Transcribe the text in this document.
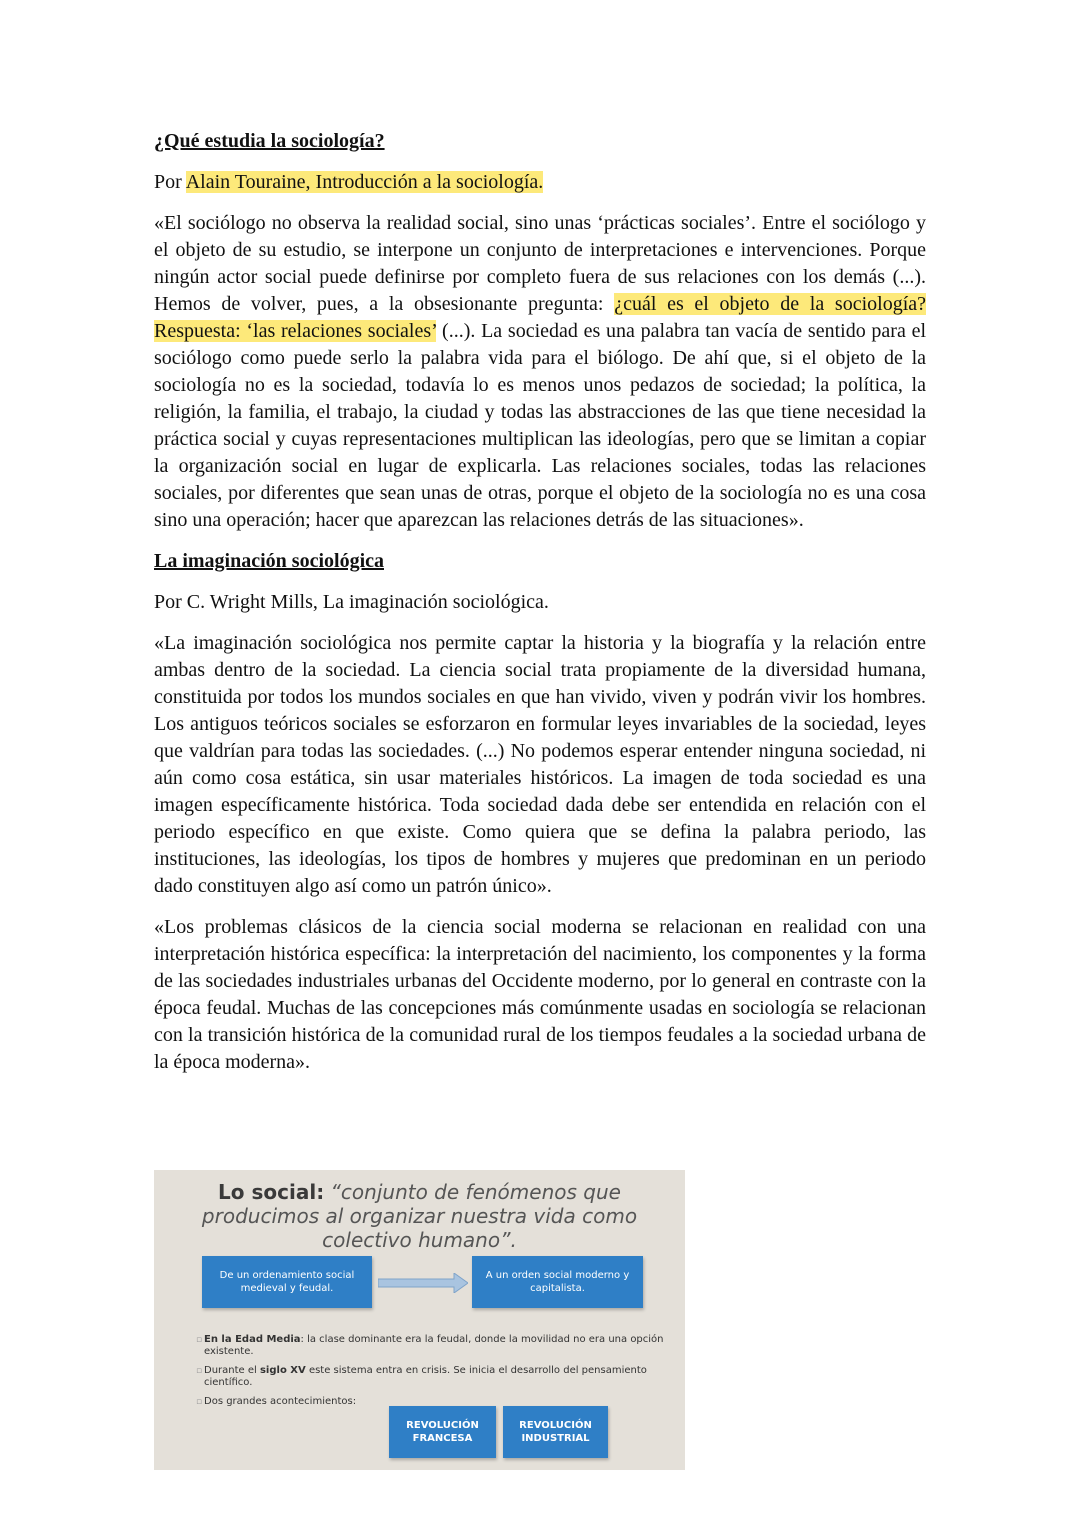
¿Qué estudia la sociología?

Por Alain Touraine, Introducción a la sociología.

«El sociólogo no observa la realidad social, sino unas ‘prácticas sociales’. Entre el sociólogo y el objeto de su estudio, se interpone un conjunto de interpretaciones e intervenciones. Porque ningún actor social puede definirse por completo fuera de sus relaciones con los demás (...). Hemos de volver, pues, a la obsesionante pregunta: ¿cuál es el objeto de la sociología? Respuesta: ‘las relaciones sociales’ (...). La sociedad es una palabra tan vacía de sentido para el sociólogo como puede serlo la palabra vida para el biólogo. De ahí que, si el objeto de la sociología no es la sociedad, todavía lo es menos unos pedazos de sociedad; la política, la religión, la familia, el trabajo, la ciudad y todas las abstracciones de las que tiene necesidad la práctica social y cuyas representaciones multiplican las ideologías, pero que se limitan a copiar la organización social en lugar de explicarla. Las relaciones sociales, todas las relaciones sociales, por diferentes que sean unas de otras, porque el objeto de la sociología no es una cosa sino una operación; hacer que aparezcan las relaciones detrás de las situaciones».

La imaginación sociológica

Por C. Wright Mills, La imaginación sociológica.

«La imaginación sociológica nos permite captar la historia y la biografía y la relación entre ambas dentro de la sociedad. La ciencia social trata propiamente de la diversidad humana, constituida por todos los mundos sociales en que han vivido, viven y podrán vivir los hombres. Los antiguos teóricos sociales se esforzaron en formular leyes invariables de la sociedad, leyes que valdrían para todas las sociedades. (...) No podemos esperar entender ninguna sociedad, ni aún como cosa estática, sin usar materiales históricos. La imagen de toda sociedad es una imagen específicamente histórica. Toda sociedad dada debe ser entendida en relación con el periodo específico en que existe. Como quiera que se defina la palabra periodo, las instituciones, las ideologías, los tipos de hombres y mujeres que predominan en un periodo dado constituyen algo así como un patrón único».

«Los problemas clásicos de la ciencia social moderna se relacionan en realidad con una interpretación histórica específica: la interpretación del nacimiento, los componentes y la forma de las sociedades industriales urbanas del Occidente moderno, por lo general en contraste con la época feudal. Muchas de las concepciones más comúnmente usadas en sociología se relacionan con la transición histórica de la comunidad rural de los tiempos feudales a la sociedad urbana de la época moderna».

Lo social: “conjunto de fenómenos que producimos al organizar nuestra vida como colectivo humano”.
De un ordenamiento social medieval y feudal.
A un orden social moderno y capitalista.
▫ En la Edad Media: la clase dominante era la feudal, donde la movilidad no era una opción existente.
▫ Durante el siglo XV este sistema entra en crisis. Se inicia el desarrollo del pensamiento científico.
▫ Dos grandes acontecimientos:
REVOLUCIÓN FRANCESA
REVOLUCIÓN INDUSTRIAL
